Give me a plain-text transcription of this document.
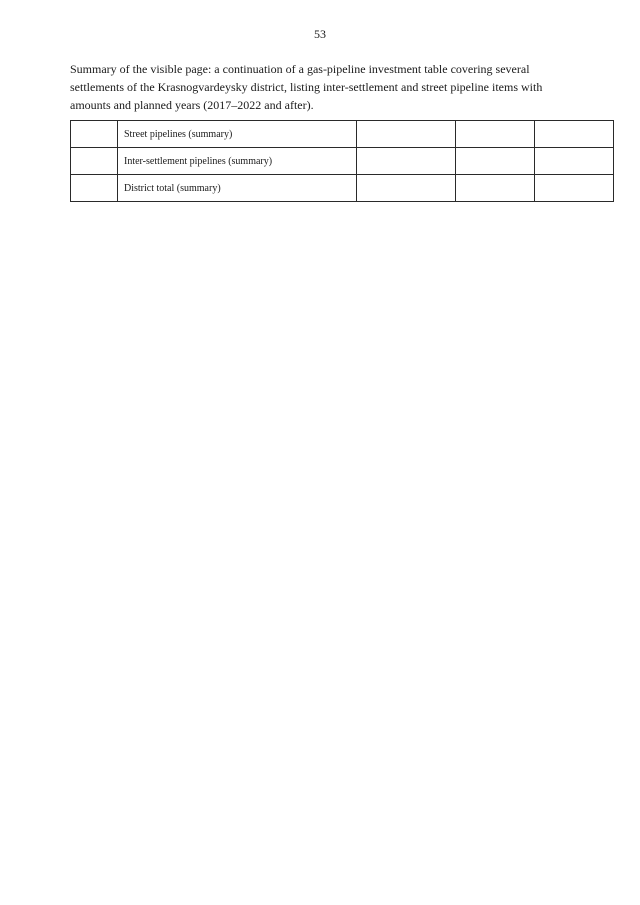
53
Summary of the visible page: a continuation of a gas-pipeline investment table covering several settlements of the Krasnogvardeysky district, listing inter-settlement and street pipeline items with amounts and planned years (2017–2022 and after).
	Street pipelines (summary)			
	Inter-settlement pipelines (summary)			
	District total (summary)			
